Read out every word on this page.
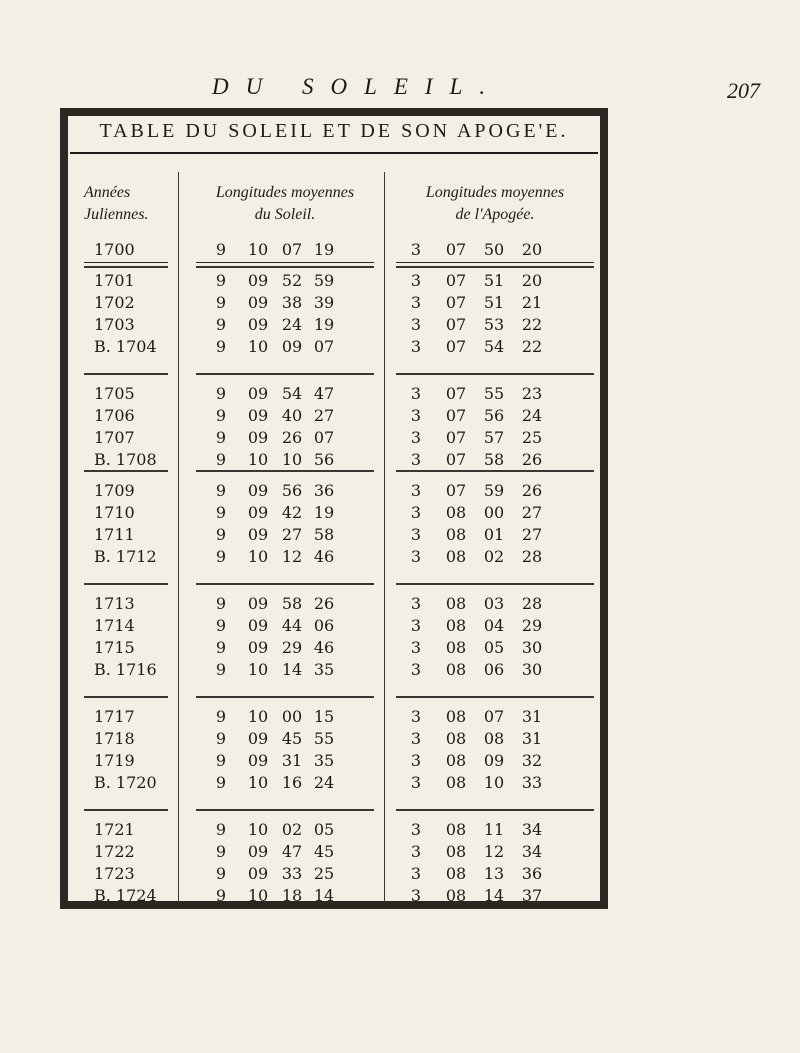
DU SOLEIL.	207
TABLE DU SOLEIL ET DE SON APOGE'E.
Années
Juliennes.
Longitudes moyennes
du Soleil.
Longitudes moyennes
de l'Apogée.
1700	9	10 07 19	3	07 50 20
1701	9	09 52 59	3	07 51 20
1702	9	09 38 39	3	07 51 21
1703	9	09 24 19	3	07 53 22
B. 1704	9	10 09 07	3	07 54 22
1705	9	09 54 47	3	07 55 23
1706	9	09 40 27	3	07 56 24
1707	9	09 26 07	3	07 57 25
B. 1708	9	10 10 56	3	07 58 26
1709	9	09 56 36	3	07 59 26
1710	9	09 42 19	3	08 00 27
1711	9	09 27 58	3	08 01 27
B. 1712	9	10 12 46	3	08 02 28
1713	9	09 58 26	3	08 03 28
1714	9	09 44 06	3	08 04 29
1715	9	09 29 46	3	08 05 30
B. 1716	9	10 14 35	3	08 06 30
1717	9	10 00 15	3	08 07 31
1718	9	09 45 55	3	08 08 31
1719	9	09 31 35	3	08 09 32
B. 1720	9	10 16 24	3	08 10 33
1721	9	10 02 05	3	08 11 34
1722	9	09 47 45	3	08 12 34
1723	9	09 33 25	3	08 13 36
B. 1724	9	10 18 14	3	08 14 37
